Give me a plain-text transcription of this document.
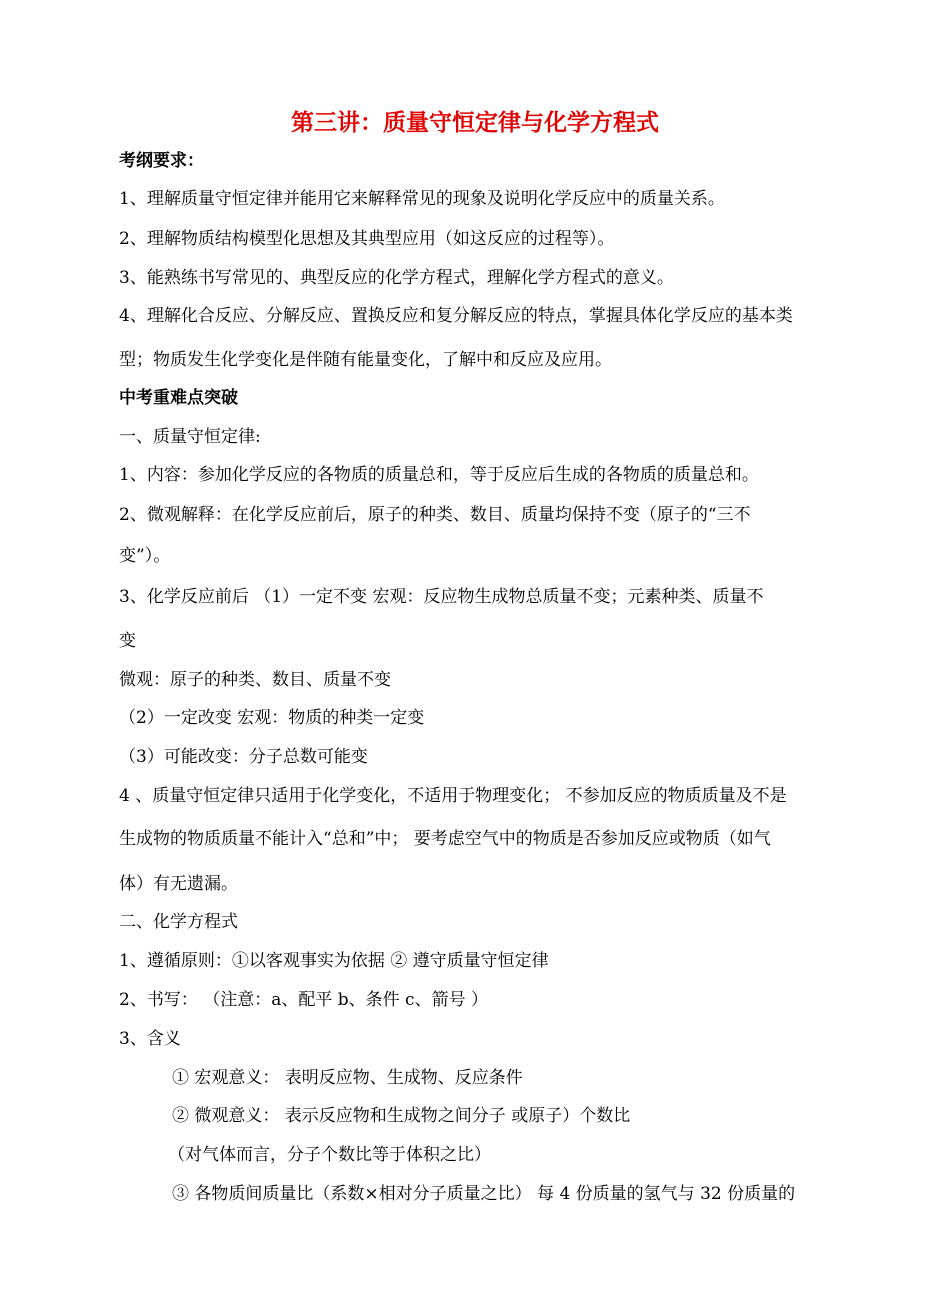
第三讲：质量守恒定律与化学方程式
考纲要求：
1、理解质量守恒定律并能用它来解释常见的现象及说明化学反应中的质量关系。
2、理解物质结构模型化思想及其典型应用（如这反应的过程等）。
3、能熟练书写常见的、典型反应的化学方程式，理解化学方程式的意义。
4、理解化合反应、分解反应、置换反应和复分解反应的特点，掌握具体化学反应的基本类
型；物质发生化学变化是伴随有能量变化，了解中和反应及应用。
中考重难点突破
一、质量守恒定律:
1、内容：参加化学反应的各物质的质量总和，等于反应后生成的各物质的质量总和。
2、微观解释：在化学反应前后，原子的种类、数目、质量均保持不变（原子的“三不
变”）。
3、化学反应前后 （1）一定不变 宏观：反应物生成物总质量不变；元素种类、质量不
变
微观：原子的种类、数目、质量不变
（2）一定改变 宏观：物质的种类一定变
（3）可能改变：分子总数可能变
4 、质量守恒定律只适用于化学变化，不适用于物理变化； 不参加反应的物质质量及不是
生成物的物质质量不能计入“总和”中； 要考虑空气中的物质是否参加反应或物质（如气
体）有无遗漏。
二、化学方程式
1、遵循原则：①以客观事实为依据 ② 遵守质量守恒定律
2、书写： （注意：a、配平 b、条件 c、箭号 ）
3、含义
① 宏观意义： 表明反应物、生成物、反应条件
② 微观意义： 表示反应物和生成物之间分子 或原子）个数比
（对气体而言，分子个数比等于体积之比）
③ 各物质间质量比（系数×相对分子质量之比） 每 4 份质量的氢气与 32 份质量的
